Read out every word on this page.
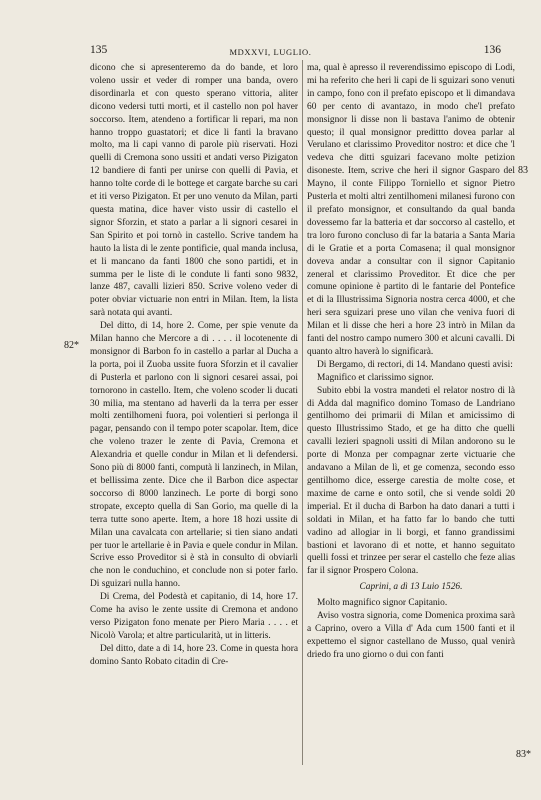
135	MDXXVI, LUGLIO.	136

dicono che si apresenteremo da do bande, et loro voleno ussir et veder di romper una banda, overo disordinarla et con questo sperano vittoria, aliter dicono vedersi tutti morti, et il castello non pol haver soccorso. Item, atendeno a fortificar li repari, ma non hanno troppo guastatori; et dice li fanti la bravano molto, ma li capi vanno di parole più riservati. Hozi quelli di Cremona sono ussiti et andati verso Pizigaton 12 bandiere di fanti per unirse con quelli di Pavia, et hanno tolte corde di le bottege et cargate barche su cari et iti verso Pizigaton. Et per uno venuto da Milan, parti questa matina, dice haver visto ussir di castello el signor Sforzin, et stato a parlar a li signori cesarei in San Spirito et poi tornò in castello. Scrive tandem ha hauto la lista di le zente pontificie, qual manda inclusa, et li mancano da fanti 1800 che sono partidi, et in summa per le liste di le condute li fanti sono 9832, lanze 487, cavalli lizieri 850. Scrive voleno veder di poter obviar victuarie non entri in Milan. Item, la lista sarà notata qui avanti.

Del ditto, di 14, hore 2. Come, per spie venute da Milan hanno che Mercore a di . . . . il locotenente di monsignor di Barbon fo in castello a parlar al Ducha a la porta, poi il Zuoba ussite fuora Sforzin et il cavalier di Pusterla et parlono con li signori cesarei assai, poi tornorono in castello. Item, che voleno scoder li ducati 30 milia, ma stentano ad haverli da la terra per esser molti zentilhomeni fuora, poi volentieri si perlonga il pagar, pensando con il tempo poter scapolar. Item, dice che voleno trazer le zente di Pavia, Cremona et Alexandria et quelle condur in Milan et li defendersi. Sono più di 8000 fanti, computà li lanzinech, in Milan, et bellissima zente. Dice che il Barbon dice aspectar soccorso di 8000 lanzinech. Le porte di borgi sono stropate, excepto quella di San Gorio, ma quelle di la terra tutte sono aperte. Item, a hore 18 hozi ussite di Milan una cavalcata con artellarie; si tien siano andati per tuor le artellarie è in Pavia e quele condur in Milan. Scrive esso Proveditor si è stà in consulto di obviarli che non le conduchino, et conclude non si poter farlo. Di sguizari nulla hanno.

Di Crema, del Podestà et capitanio, di 14, hore 17. Come ha aviso le zente ussite di Cremona et andono verso Pizigaton fono menate per Piero Maria . . . . et Nicolò Varola; et altre particularità, ut in litteris.

Del ditto, date a dì 14, hore 23. Come in questa hora domino Santo Robato citadin di Cre-

ma, qual è apresso il reverendissimo episcopo di Lodi, mi ha referito che heri li capi de li sguizari sono venuti in campo, fono con il prefato episcopo et li dimandava 60 per cento di avantazo, in modo che'l prefato monsignor li disse non li bastava l'animo de obtenir questo; il qual monsignor predittto dovea parlar al Verulano et clarissimo Proveditor nostro: et dice che 'l vedeva che ditti sguizari facevano molte petizion disoneste. Item, scrive che heri il signor Gasparo del Mayno, il conte Filippo Torniello et signor Pietro Pusterla et molti altri zentilhomeni milanesi furono con il prefato monsignor, et consultando da qual banda dovessemo far la batteria et dar soccorso al castello, et tra loro furono concluso di far la bataria a Santa Maria di le Gratie et a porta Comasena; il qual monsignor doveva andar a consultar con il signor Capitanio zeneral et clarissimo Proveditor. Et dice che per comune opinione è partito di le fantarie del Pontefice et di la Illustrissima Signoria nostra cerca 4000, et che heri sera sguizari prese uno vilan che veniva fuori di Milan et li disse che heri a hore 23 intrò in Milan da fanti del nostro campo numero 300 et alcuni cavalli. Di quanto altro haverà lo significarà.

Di Bergamo, di rectori, di 14. Mandano questi avisi:

Magnifico et clarissimo signor.

Subito ebbi la vostra mandeti el relator nostro di là di Adda dal magnifico domino Tomaso de Landriano gentilhomo dei primarii di Milan et amicissimo di questo Illustrissimo Stado, et ge ha ditto che quelli cavalli lezieri spagnoli ussiti di Milan andorono su le porte di Monza per compagnar zerte victuarie che andavano a Milan de lì, et ge comenza, secondo esso gentilhomo dice, esserge carestia de molte cose, et maxime de carne e onto sotil, che si vende soldi 20 imperial. Et il ducha di Barbon ha dato danari a tutti i soldati in Milan, et ha fatto far lo bando che tutti vadino ad allogiar in li borgi, et fanno grandissimi bastioni et lavorano di et notte, et hanno seguitato quelli fossi et trinzee per serar el castello che feze alias far il signor Prospero Colona.

Caprini, a dì 13 Luio 1526.

Molto magnifico signor Capitanio.

Aviso vostra signoria, come Domenica proxima sarà a Caprino, overo a Villa d' Ada cum 1500 fanti et il expettemo el signor castellano de Musso, qual venirà driedo fra uno giorno o dui con fanti

82*
83
83*
